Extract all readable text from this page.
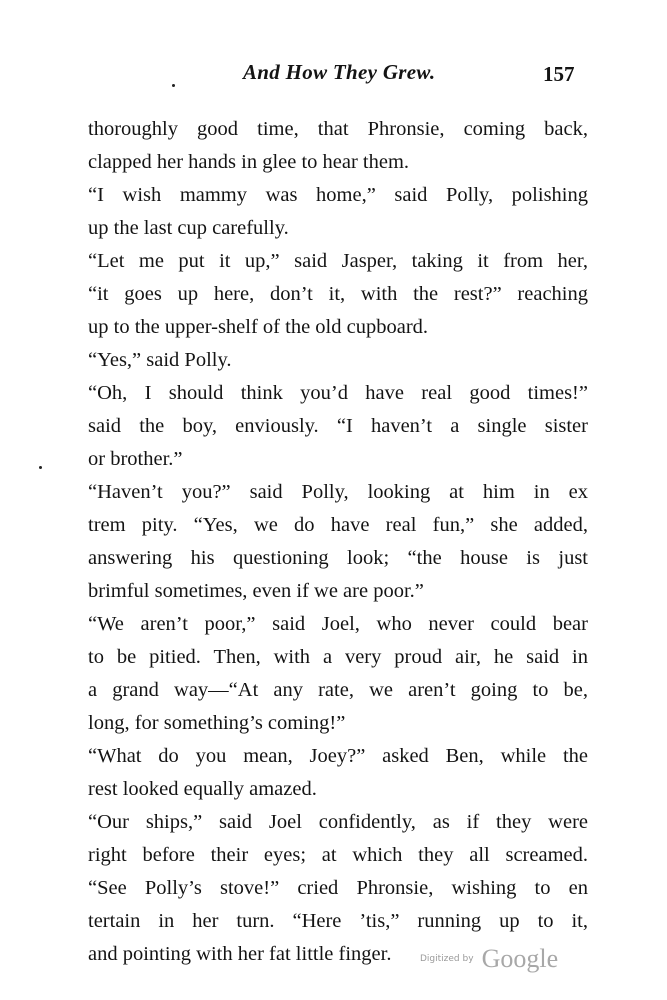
And How They Grew.	157
thoroughly good time, that Phronsie, coming back,
clapped her hands in glee to hear them.
“I wish mammy was home,” said Polly, polishing
up the last cup carefully.
“Let me put it up,” said Jasper, taking it from her,
“it goes up here, don’t it, with the rest?” reaching
up to the upper-shelf of the old cupboard.
“Yes,” said Polly.
“Oh, I should think you’d have real good times!”
said the boy, enviously. “I haven’t a single sister
or brother.”
“Haven’t you?” said Polly, looking at him in ex
trem pity. “Yes, we do have real fun,” she added,
answering his questioning look; “the house is just
brimful sometimes, even if we are poor.”
“We aren’t poor,” said Joel, who never could bear
to be pitied. Then, with a very proud air, he said in
a grand way—“At any rate, we aren’t going to be,
long, for something’s coming!”
“What do you mean, Joey?” asked Ben, while the
rest looked equally amazed.
“Our ships,” said Joel confidently, as if they were
right before their eyes; at which they all screamed.
“See Polly’s stove!” cried Phronsie, wishing to en
tertain in her turn. “Here ’tis,” running up to it,
and pointing with her fat little finger.	Digitized by Google
